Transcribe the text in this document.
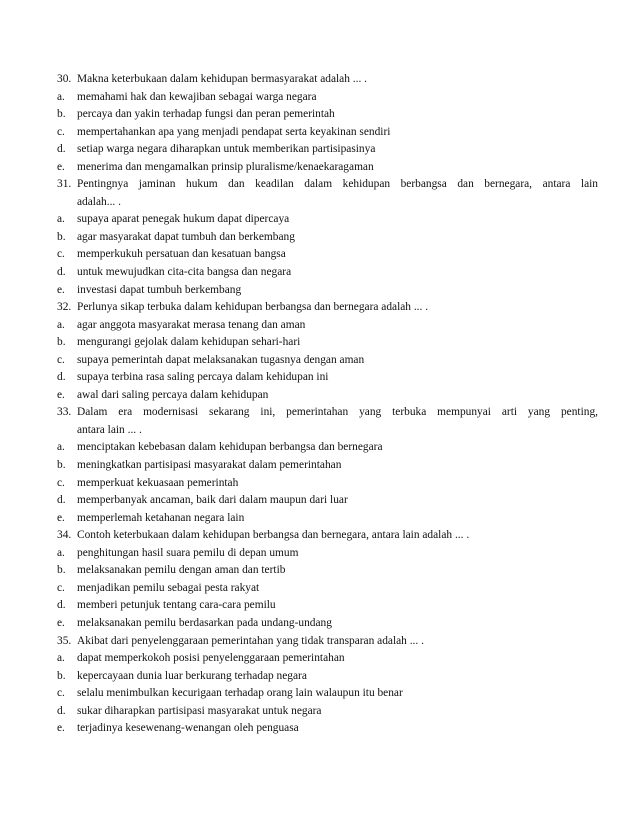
30. Makna keterbukaan dalam kehidupan bermasyarakat adalah ... .
a.	memahami hak dan kewajiban sebagai warga negara
b.	percaya dan yakin terhadap fungsi dan peran pemerintah
c.	mempertahankan apa yang menjadi pendapat serta keyakinan sendiri
d.	setiap warga negara diharapkan untuk memberikan partisipasinya
e.	menerima dan mengamalkan prinsip pluralisme/kenaekaragaman
31. Pentingnya jaminan hukum dan keadilan dalam kehidupan berbangsa dan bernegara, antara lain
adalah... .
a.	supaya aparat penegak hukum dapat dipercaya
b.	agar masyarakat dapat tumbuh dan berkembang
c.	memperkukuh persatuan dan kesatuan bangsa
d.	untuk mewujudkan cita-cita bangsa dan negara
e.	investasi dapat tumbuh berkembang
32. Perlunya sikap terbuka dalam kehidupan berbangsa dan bernegara adalah ... .
a.	agar anggota masyarakat merasa tenang dan aman
b.	mengurangi gejolak dalam kehidupan sehari-hari
c.	supaya pemerintah dapat melaksanakan tugasnya dengan aman
d.	supaya terbina rasa saling percaya dalam kehidupan ini
e.	awal dari saling percaya dalam kehidupan
33. Dalam era modernisasi sekarang ini, pemerintahan yang terbuka mempunyai arti yang penting,
antara lain ... .
a.	menciptakan kebebasan dalam kehidupan berbangsa dan bernegara
b.	meningkatkan partisipasi masyarakat dalam pemerintahan
c.	memperkuat kekuasaan pemerintah
d.	memperbanyak ancaman, baik dari dalam maupun dari luar
e.	memperlemah ketahanan negara lain
34. Contoh keterbukaan dalam kehidupan berbangsa dan bernegara, antara lain adalah ... .
a.	penghitungan hasil suara pemilu di depan umum
b.	melaksanakan pemilu dengan aman dan tertib
c.	menjadikan pemilu sebagai pesta rakyat
d.	memberi petunjuk tentang cara-cara pemilu
e.	melaksanakan pemilu berdasarkan pada undang-undang
35. Akibat dari penyelenggaraan pemerintahan yang tidak transparan adalah ... .
a.	dapat memperkokoh posisi penyelenggaraan pemerintahan
b.	kepercayaan dunia luar berkurang terhadap negara
c.	selalu menimbulkan kecurigaan terhadap orang lain walaupun itu benar
d.	sukar diharapkan partisipasi masyarakat untuk negara
e.	terjadinya kesewenang-wenangan oleh penguasa
